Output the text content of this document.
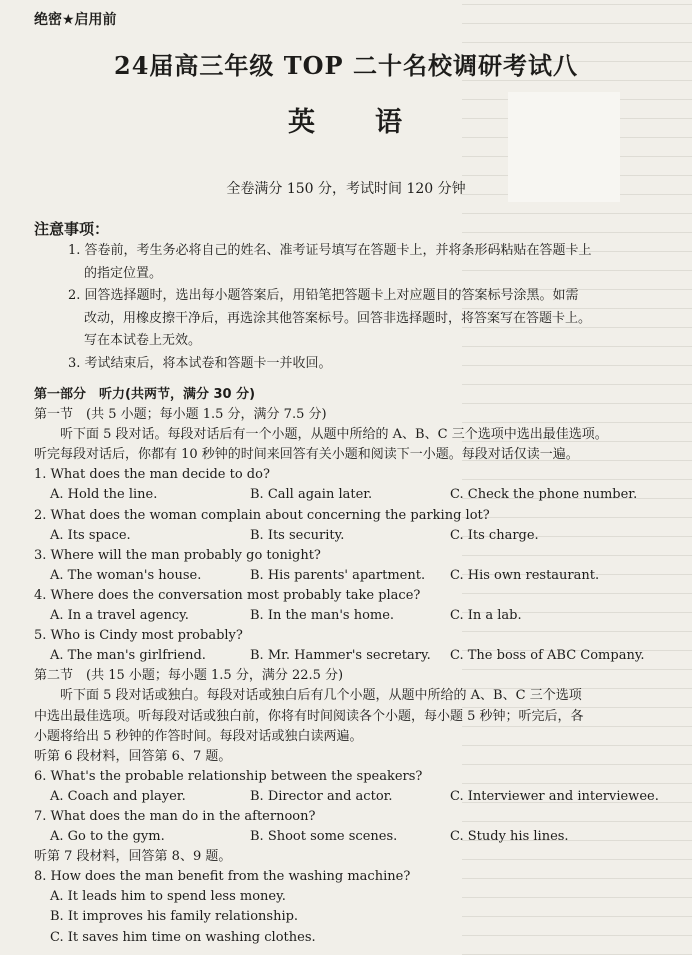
绝密★启用前
24届高三年级 TOP 二十名校调研考试八
英　　语
全卷满分 150 分，考试时间 120 分钟
注意事项：
1. 答卷前，考生务必将自己的姓名、准考证号填写在答题卡上，并将条形码粘贴在答题卡上
的指定位置。
2. 回答选择题时，选出每小题答案后，用铅笔把答题卡上对应题目的答案标号涂黑。如需
改动，用橡皮擦干净后，再选涂其他答案标号。回答非选择题时，将答案写在答题卡上。
写在本试卷上无效。
3. 考试结束后，将本试卷和答题卡一并收回。
第一部分　听力(共两节，满分 30 分)
第一节　(共 5 小题；每小题 1.5 分，满分 7.5 分)
听下面 5 段对话。每段对话后有一个小题，从题中所给的 A、B、C 三个选项中选出最佳选项。
听完每段对话后，你都有 10 秒钟的时间来回答有关小题和阅读下一小题。每段对话仅读一遍。
1. What does the man decide to do?
A. Hold the line.	B. Call again later.	C. Check the phone number.
2. What does the woman complain about concerning the parking lot?
A. Its space.	B. Its security.	C. Its charge.
3. Where will the man probably go tonight?
A. The woman's house.	B. His parents' apartment.	C. His own restaurant.
4. Where does the conversation most probably take place?
A. In a travel agency.	B. In the man's home.	C. In a lab.
5. Who is Cindy most probably?
A. The man's girlfriend.	B. Mr. Hammer's secretary.	C. The boss of ABC Company.
第二节　(共 15 小题；每小题 1.5 分，满分 22.5 分)
听下面 5 段对话或独白。每段对话或独白后有几个小题，从题中所给的 A、B、C 三个选项
中选出最佳选项。听每段对话或独白前，你将有时间阅读各个小题，每小题 5 秒钟；听完后，各
小题将给出 5 秒钟的作答时间。每段对话或独白读两遍。
听第 6 段材料，回答第 6、7 题。
6. What's the probable relationship between the speakers?
A. Coach and player.	B. Director and actor.	C. Interviewer and interviewee.
7. What does the man do in the afternoon?
A. Go to the gym.	B. Shoot some scenes.	C. Study his lines.
听第 7 段材料，回答第 8、9 题。
8. How does the man benefit from the washing machine?
A. It leads him to spend less money.
B. It improves his family relationship.
C. It saves him time on washing clothes.
